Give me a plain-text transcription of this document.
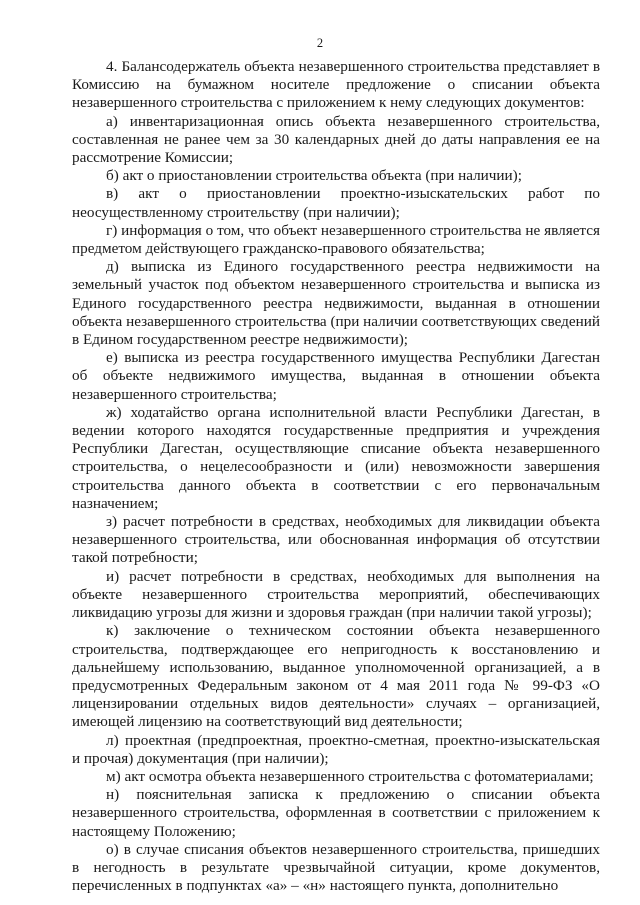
2

4. Балансодержатель объекта незавершенного строительства представляет в Комиссию на бумажном носителе предложение о списании объекта незавершенного строительства с приложением к нему следующих документов:

а) инвентаризационная опись объекта незавершенного строительства, составленная не ранее чем за 30 календарных дней до даты направления ее на рассмотрение Комиссии;

б) акт о приостановлении строительства объекта (при наличии);

в) акт о приостановлении проектно-изыскательских работ по неосуществленному строительству (при наличии);

г) информация о том, что объект незавершенного строительства не является предметом действующего гражданско-правового обязательства;

д) выписка из Единого государственного реестра недвижимости на земельный участок под объектом незавершенного строительства и выписка из Единого государственного реестра недвижимости, выданная в отношении объекта незавершенного строительства (при наличии соответствующих сведений в Едином государственном реестре недвижимости);

е) выписка из реестра государственного имущества Республики Дагестан об объекте недвижимого имущества, выданная в отношении объекта незавершенного строительства;

ж) ходатайство органа исполнительной власти Республики Дагестан, в ведении которого находятся государственные предприятия и учреждения Республики Дагестан, осуществляющие списание объекта незавершенного строительства, о нецелесообразности и (или) невозможности завершения строительства данного объекта в соответствии с его первоначальным назначением;

з) расчет потребности в средствах, необходимых для ликвидации объекта незавершенного строительства, или обоснованная информация об отсутствии такой потребности;

и) расчет потребности в средствах, необходимых для выполнения на объекте незавершенного строительства мероприятий, обеспечивающих ликвидацию угрозы для жизни и здоровья граждан (при наличии такой угрозы);

к) заключение о техническом состоянии объекта незавершенного строительства, подтверждающее его непригодность к восстановлению и дальнейшему использованию, выданное уполномоченной организацией, а в предусмотренных Федеральным законом от 4 мая 2011 года № 99-ФЗ «О лицензировании отдельных видов деятельности» случаях – организацией, имеющей лицензию на соответствующий вид деятельности;

л) проектная (предпроектная, проектно-сметная, проектно-изыскательская и прочая) документация (при наличии);

м) акт осмотра объекта незавершенного строительства с фотоматериалами;

н) пояснительная записка к предложению о списании объекта незавершенного строительства, оформленная в соответствии с приложением к настоящему Положению;

о) в случае списания объектов незавершенного строительства, пришедших в негодность в результате чрезвычайной ситуации, кроме документов, перечисленных в подпунктах «а» – «н» настоящего пункта, дополнительно
